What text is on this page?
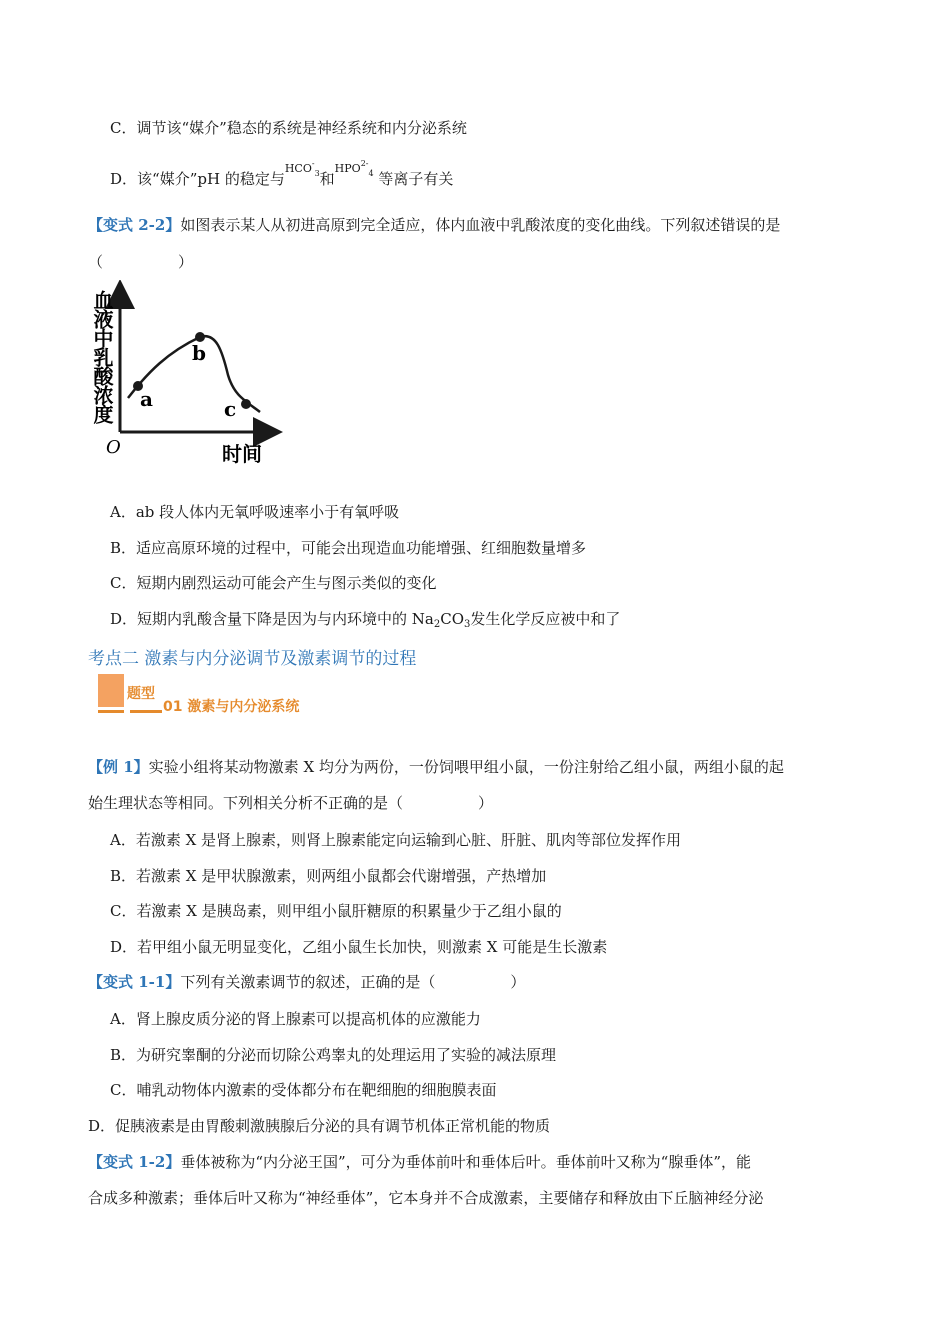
C．调节该“媒介”稳态的系统是神经系统和内分泌系统
D．该“媒介”pH 的稳定与$^{HCO^-_3}$和$^{HPO^{2-}_4}$ 等离子有关
【变式 2-2】如图表示某人从初进高原到完全适应，体内血液中乳酸浓度的变化曲线。下列叙述错误的是
（　　　　　）
a
b
c
O	时间
血液中乳酸浓度
A．ab 段人体内无氧呼吸速率小于有氧呼吸
B．适应高原环境的过程中，可能会出现造血功能增强、红细胞数量增多
C．短期内剧烈运动可能会产生与图示类似的变化
D．短期内乳酸含量下降是因为与内环境中的 $Na_2CO_3$发生化学反应被中和了
考点二 激素与内分泌调节及激素调节的过程
题型
01 激素与内分泌系统
【例 1】实验小组将某动物激素 X 均分为两份，一份饲喂甲组小鼠，一份注射给乙组小鼠，两组小鼠的起
始生理状态等相同。下列相关分析不正确的是（　　　　　）
A．若激素 X 是肾上腺素，则肾上腺素能定向运输到心脏、肝脏、肌肉等部位发挥作用
B．若激素 X 是甲状腺激素，则两组小鼠都会代谢增强，产热增加
C．若激素 X 是胰岛素，则甲组小鼠肝糖原的积累量少于乙组小鼠的
D．若甲组小鼠无明显变化，乙组小鼠生长加快，则激素 X 可能是生长激素
【变式 1-1】下列有关激素调节的叙述，正确的是（　　　　　）
A．肾上腺皮质分泌的肾上腺素可以提高机体的应激能力
B．为研究睾酮的分泌而切除公鸡睾丸的处理运用了实验的减法原理
C．哺乳动物体内激素的受体都分布在靶细胞的细胞膜表面
D．促胰液素是由胃酸刺激胰腺后分泌的具有调节机体正常机能的物质
【变式 1-2】垂体被称为“内分泌王国”，可分为垂体前叶和垂体后叶。垂体前叶又称为“腺垂体”，能
合成多种激素；垂体后叶又称为“神经垂体”，它本身并不合成激素，主要储存和释放由下丘脑神经分泌
